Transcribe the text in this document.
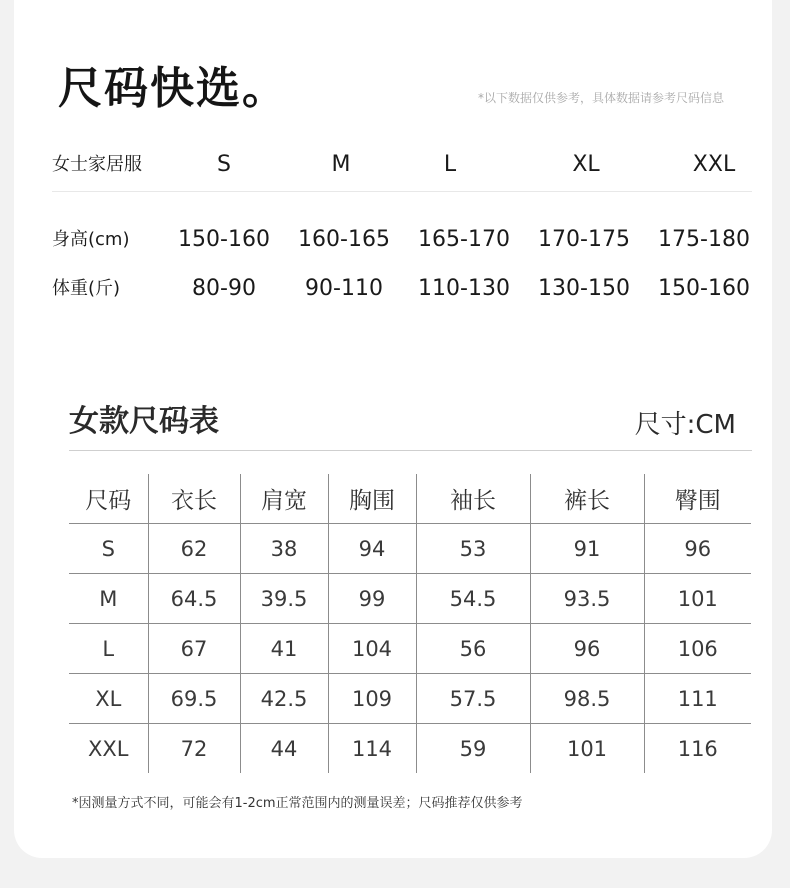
尺码快选。	*以下数据仅供参考，具体数据请参考尺码信息
女士家居服	S	M	L	XL	XXL
身高(cm)	150-160	160-165	165-170	170-175	175-180
体重(斤)	80-90	90-110	110-130	130-150	150-160
女款尺码表	尺寸:CM
尺码	衣长	肩宽	胸围	袖长	裤长	臀围
S	62	38	94	53	91	96
M	64.5	39.5	99	54.5	93.5	101
L	67	41	104	56	96	106
XL	69.5	42.5	109	57.5	98.5	111
XXL	72	44	114	59	101	116
*因测量方式不同，可能会有1-2cm正常范围内的测量误差；尺码推荐仅供参考
